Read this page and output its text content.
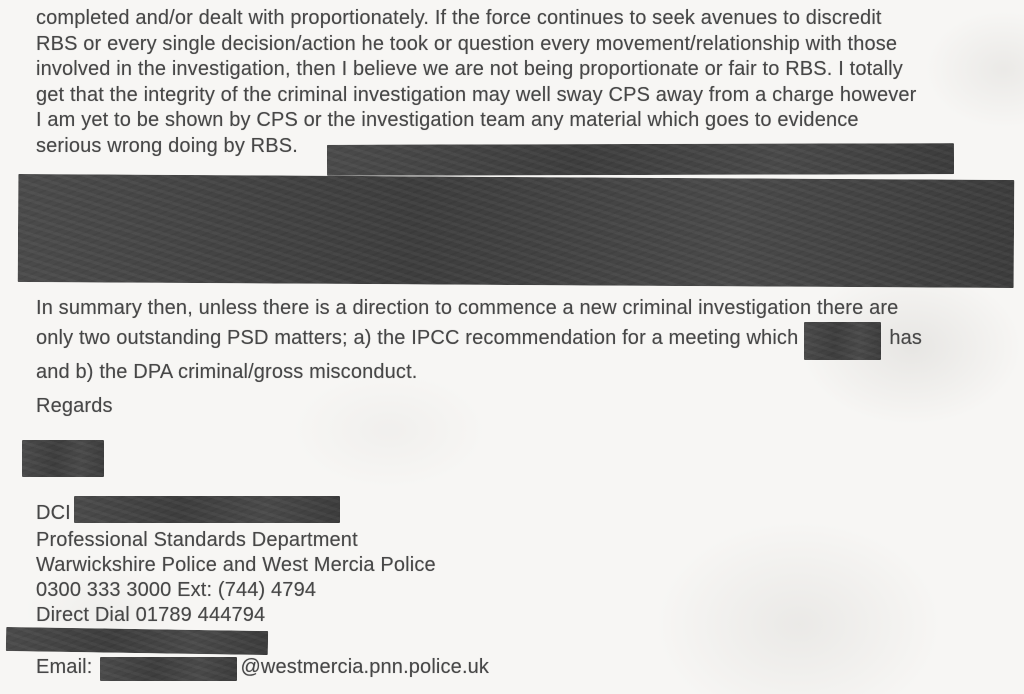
completed and/or dealt with proportionately. If the force continues to seek avenues to discredit
RBS or every single decision/action he took or question every movement/relationship with those
involved in the investigation, then I believe we are not being proportionate or fair to RBS. I totally
get that the integrity of the criminal investigation may well sway CPS away from a charge however
I am yet to be shown by CPS or the investigation team any material which goes to evidence
serious wrong doing by RBS.
In summary then, unless there is a direction to commence a new criminal investigation there are
only two outstanding PSD matters; a) the IPCC recommendation for a meeting which	has
and b) the DPA criminal/gross misconduct.
Regards
DCI
Professional Standards Department
Warwickshire Police and West Mercia Police
0300 333 3000 Ext: (744) 4794
Direct Dial 01789 444794
Email:	@westmercia.pnn.police.uk
